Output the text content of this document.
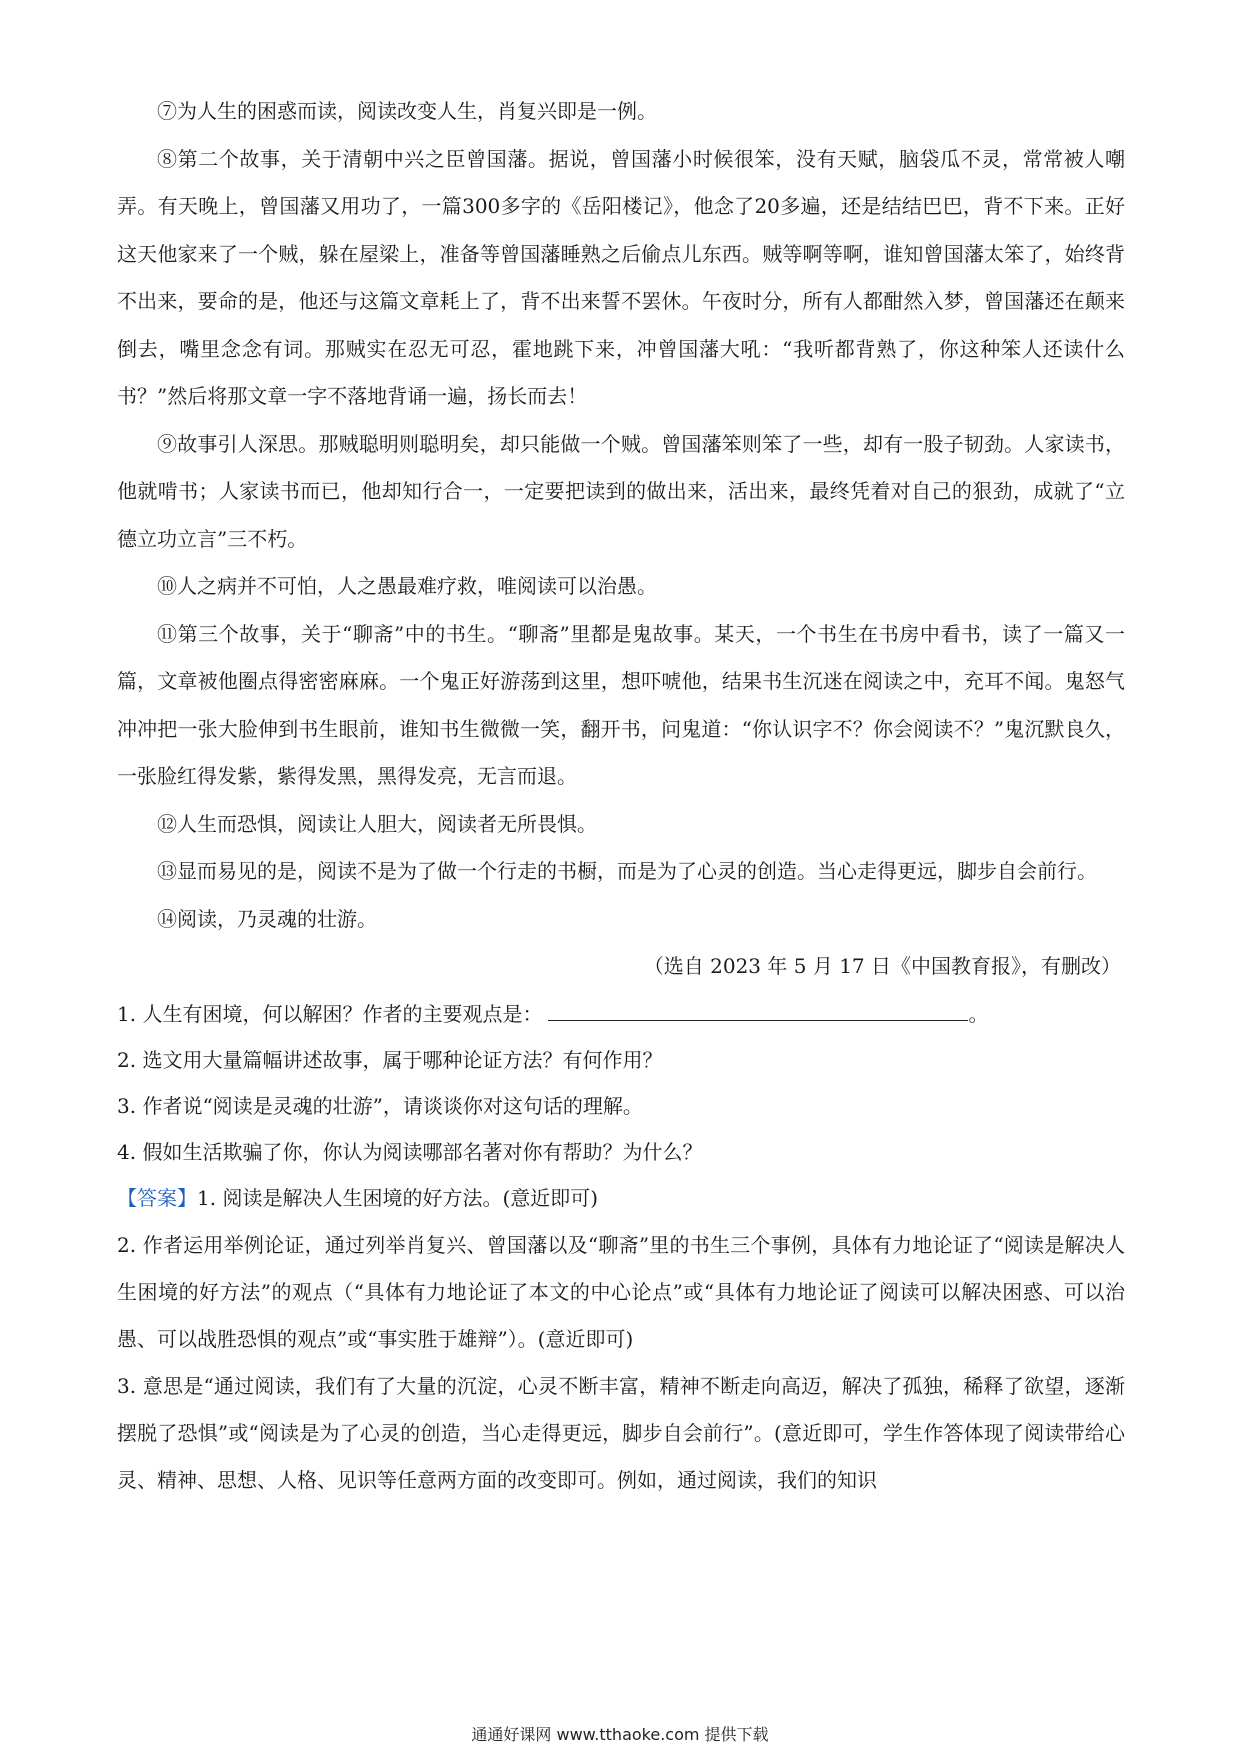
⑦为人生的困惑而读，阅读改变人生，肖复兴即是一例。

⑧第二个故事，关于清朝中兴之臣曾国藩。据说，曾国藩小时候很笨，没有天赋，脑袋瓜不灵，常常被人嘲弄。有天晚上，曾国藩又用功了，一篇300多字的《岳阳楼记》，他念了20多遍，还是结结巴巴，背不下来。正好这天他家来了一个贼，躲在屋梁上，准备等曾国藩睡熟之后偷点儿东西。贼等啊等啊，谁知曾国藩太笨了，始终背不出来，要命的是，他还与这篇文章耗上了，背不出来誓不罢休。午夜时分，所有人都酣然入梦，曾国藩还在颠来倒去，嘴里念念有词。那贼实在忍无可忍，霍地跳下来，冲曾国藩大吼：“我听都背熟了，你这种笨人还读什么书？”然后将那文章一字不落地背诵一遍，扬长而去！

⑨故事引人深思。那贼聪明则聪明矣，却只能做一个贼。曾国藩笨则笨了一些，却有一股子韧劲。人家读书，他就啃书；人家读书而已，他却知行合一，一定要把读到的做出来，活出来，最终凭着对自己的狠劲，成就了“立德立功立言”三不朽。

⑩人之病并不可怕，人之愚最难疗救，唯阅读可以治愚。

⑪第三个故事，关于“聊斋”中的书生。“聊斋”里都是鬼故事。某天，一个书生在书房中看书，读了一篇又一篇，文章被他圈点得密密麻麻。一个鬼正好游荡到这里，想吓唬他，结果书生沉迷在阅读之中，充耳不闻。鬼怒气冲冲把一张大脸伸到书生眼前，谁知书生微微一笑，翻开书，问鬼道：“你认识字不？你会阅读不？”鬼沉默良久，一张脸红得发紫，紫得发黑，黑得发亮，无言而退。

⑫人生而恐惧，阅读让人胆大，阅读者无所畏惧。

⑬显而易见的是，阅读不是为了做一个行走的书橱，而是为了心灵的创造。当心走得更远，脚步自会前行。

⑭阅读，乃灵魂的壮游。

（选自 2023 年 5 月 17 日《中国教育报》，有删改）

1. 人生有困境，何以解困？作者的主要观点是：	。

2. 选文用大量篇幅讲述故事，属于哪种论证方法？有何作用？

3. 作者说“阅读是灵魂的壮游”，请谈谈你对这句话的理解。

4. 假如生活欺骗了你，你认为阅读哪部名著对你有帮助？为什么？

【答案】1. 阅读是解决人生困境的好方法。(意近即可)

2. 作者运用举例论证，通过列举肖复兴、曾国藩以及“聊斋”里的书生三个事例，具体有力地论证了“阅读是解决人生困境的好方法”的观点（“具体有力地论证了本文的中心论点”或“具体有力地论证了阅读可以解决困惑、可以治愚、可以战胜恐惧的观点”或“事实胜于雄辩”）。(意近即可)

3. 意思是“通过阅读，我们有了大量的沉淀，心灵不断丰富，精神不断走向高迈，解决了孤独，稀释了欲望，逐渐摆脱了恐惧”或“阅读是为了心灵的创造，当心走得更远，脚步自会前行”。(意近即可，学生作答体现了阅读带给心灵、精神、思想、人格、见识等任意两方面的改变即可。例如，通过阅读，我们的知识

通通好课网 www.tthaoke.com 提供下载
